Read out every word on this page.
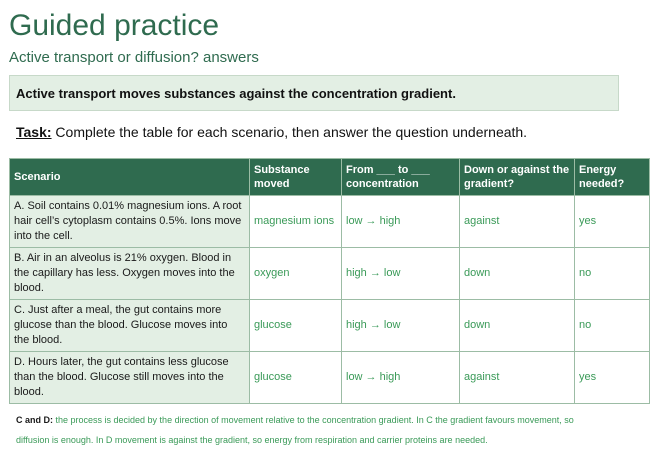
Guided practice
Active transport or diffusion? answers
Active transport moves substances against the concentration gradient.
Task: Complete the table for each scenario, then answer the question underneath.
Scenario	Substance moved	From ___ to ___ concentration	Down or against the gradient?	Energy needed?
A. Soil contains 0.01% magnesium ions. A root hair cell’s cytoplasm contains 0.5%. Ions move into the cell.	magnesium ions	low → high	against	yes
B. Air in an alveolus is 21% oxygen. Blood in the capillary has less. Oxygen moves into the blood.	oxygen	high → low	down	no
C. Just after a meal, the gut contains more glucose than the blood. Glucose moves into the blood.	glucose	high → low	down	no
D. Hours later, the gut contains less glucose than the blood. Glucose still moves into the blood.	glucose	low → high	against	yes
C and D: the process is decided by the direction of movement relative to the concentration gradient. In C the gradient favours movement, so
diffusion is enough. In D movement is against the gradient, so energy from respiration and carrier proteins are needed.
